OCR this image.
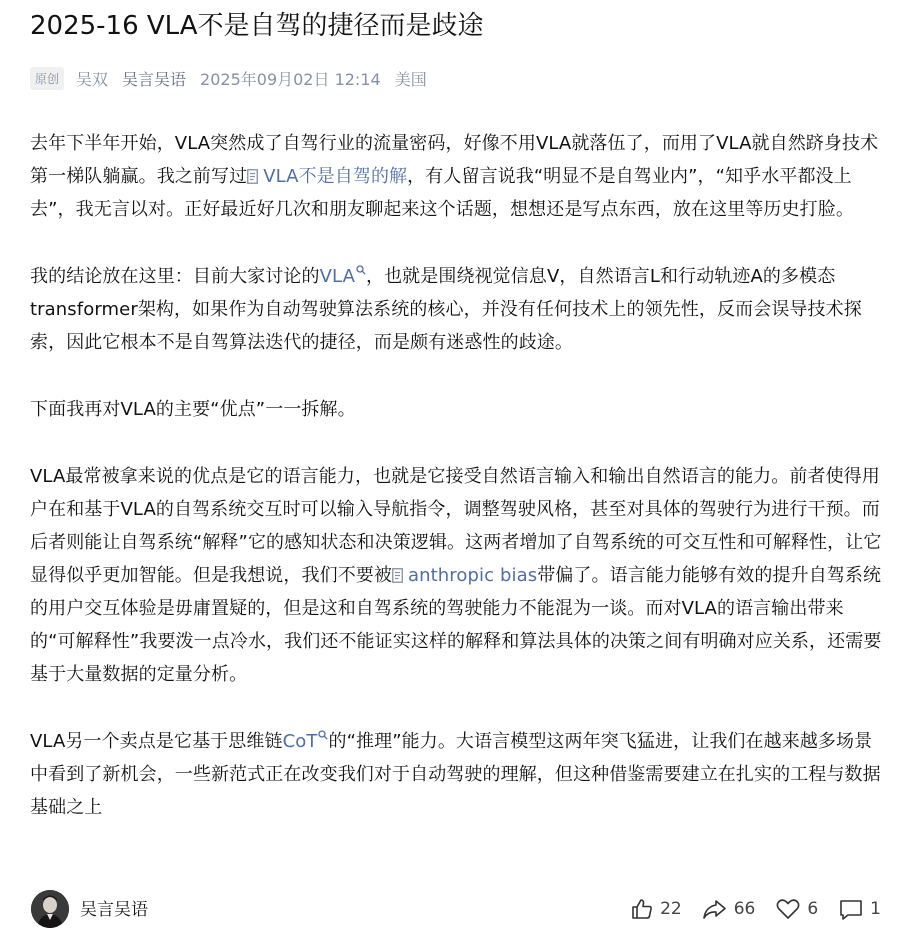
2025-16 VLA不是自驾的捷径而是歧途
原创	吴双 吴言吴语 2025年09月02日 12:14 美国

去年下半年开始，VLA突然成了自驾行业的流量密码，好像不用VLA就落伍了，而用了VLA就自然跻身技术第一梯队躺赢。我之前写过 VLA不是自驾的解，有人留言说我“明显不是自驾业内”，“知乎水平都没上去”，我无言以对。正好最近好几次和朋友聊起来这个话题，想想还是写点东西，放在这里等历史打脸。

我的结论放在这里：目前大家讨论的VLA ，也就是围绕视觉信息V，自然语言L和行动轨迹A的多模态transformer架构，如果作为自动驾驶算法系统的核心，并没有任何技术上的领先性，反而会误导技术探索，因此它根本不是自驾算法迭代的捷径，而是颇有迷惑性的歧途。

下面我再对VLA的主要“优点”一一拆解。

VLA最常被拿来说的优点是它的语言能力，也就是它接受自然语言输入和输出自然语言的能力。前者使得用户在和基于VLA的自驾系统交互时可以输入导航指令，调整驾驶风格，甚至对具体的驾驶行为进行干预。而后者则能让自驾系统“解释”它的感知状态和决策逻辑。这两者增加了自驾系统的可交互性和可解释性，让它显得似乎更加智能。但是我想说，我们不要被 anthropic bias带偏了。语言能力能够有效的提升自驾系统的用户交互体验是毋庸置疑的，但是这和自驾系统的驾驶能力不能混为一谈。而对VLA的语言输出带来的“可解释性”我要泼一点冷水，我们还不能证实这样的解释和算法具体的决策之间有明确对应关系，还需要基于大量数据的定量分析。

VLA另一个卖点是它基于思维链CoT 的“推理”能力。大语言模型这两年突飞猛进，让我们在越来越多场景中看到了新机会，一些新范式正在改变我们对于自动驾驶的理解，但这种借鉴需要建立在扎实的工程与数据基础之上

吴言吴语	22	66	6	1
